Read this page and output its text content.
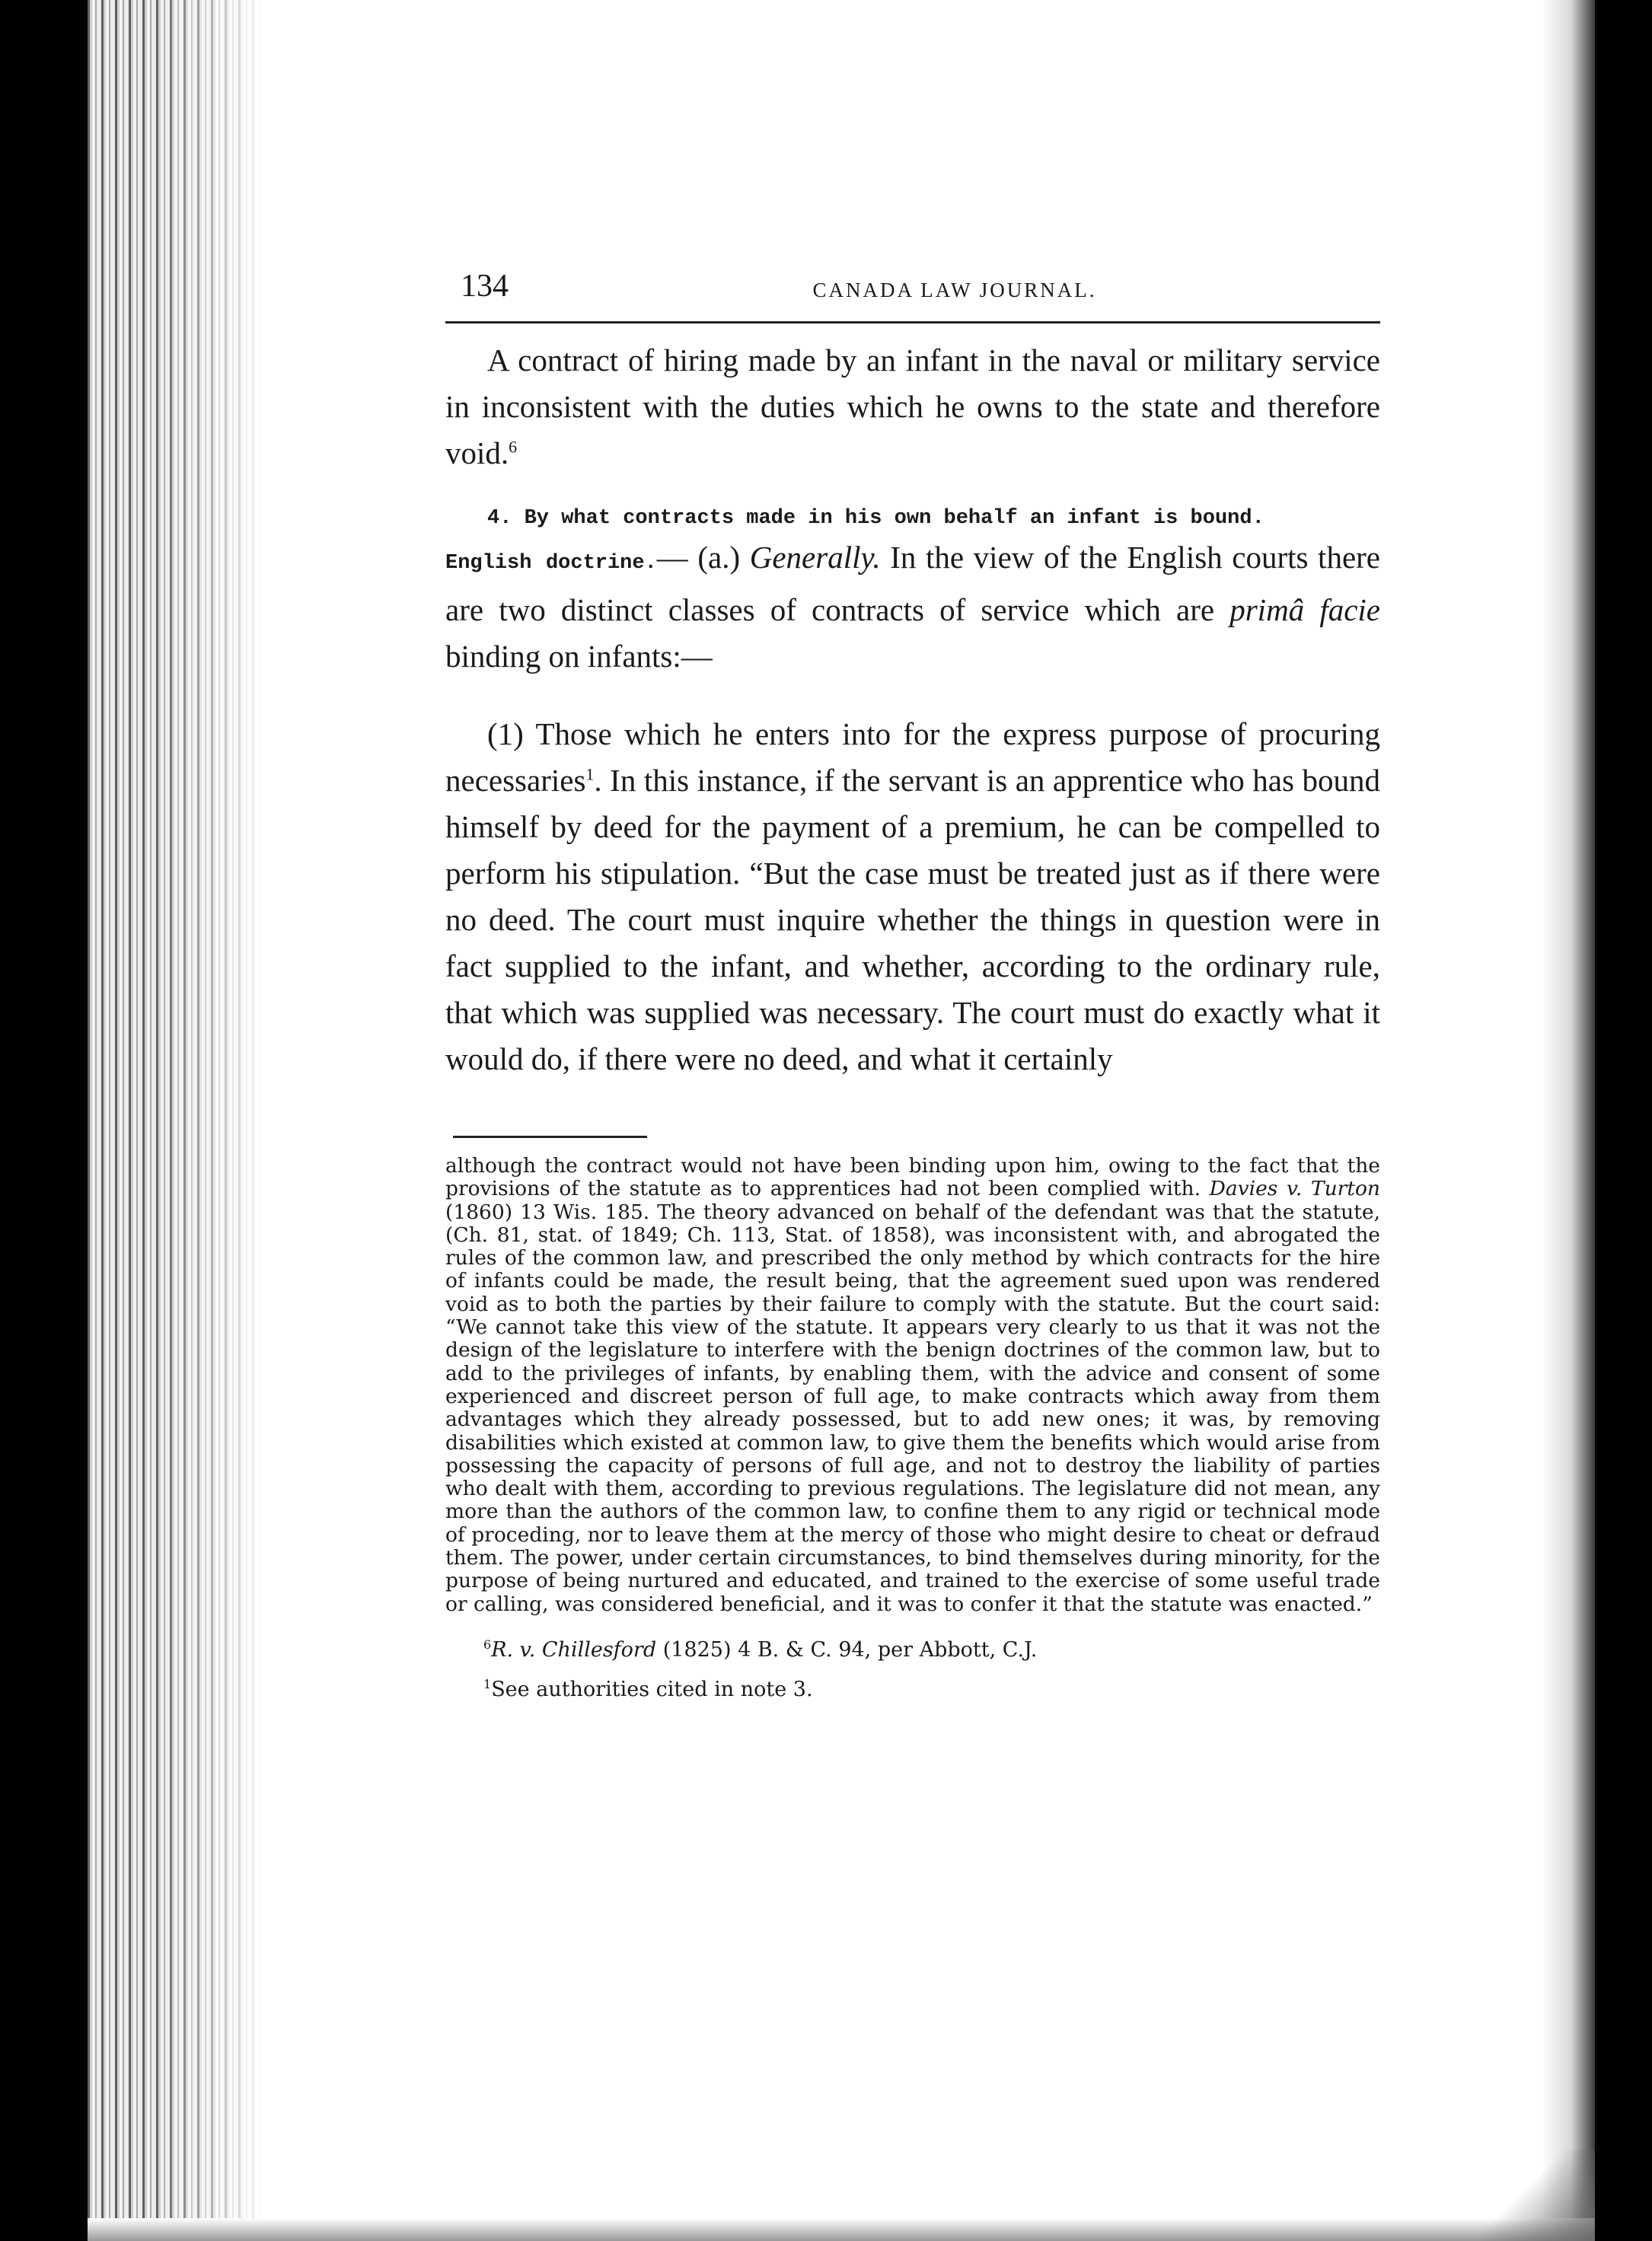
134	CANADA LAW JOURNAL.

A contract of hiring made by an infant in the naval or military service in inconsistent with the duties which he owns to the state and therefore void.$^6$

4. By what contracts made in his own behalf an infant is bound.

English doctrine.— (a.) Generally. In the view of the English courts there are two distinct classes of contracts of service which are primâ facie binding on infants:—

(1) Those which he enters into for the express purpose of procuring necessaries$^1$. In this instance, if the servant is an apprentice who has bound himself by deed for the payment of a premium, he can be compelled to perform his stipulation. “But the case must be treated just as if there were no deed. The court must inquire whether the things in question were in fact supplied to the infant, and whether, according to the ordinary rule, that which was supplied was necessary. The court must do exactly what it would do, if there were no deed, and what it certainly

although the contract would not have been binding upon him, owing to the fact that the provisions of the statute as to apprentices had not been complied with. Davies v. Turton (1860) 13 Wis. 185. The theory advanced on behalf of the defendant was that the statute, (Ch. 81, stat. of 1849; Ch. 113, Stat. of 1858), was inconsistent with, and abrogated the rules of the common law, and prescribed the only method by which contracts for the hire of infants could be made, the result being, that the agreement sued upon was rendered void as to both the parties by their failure to comply with the statute. But the court said: “We cannot take this view of the statute. It appears very clearly to us that it was not the design of the legislature to interfere with the benign doctrines of the common law, but to add to the privileges of infants, by enabling them, with the advice and consent of some experienced and discreet person of full age, to make contracts which away from them advantages which they already possessed, but to add new ones; it was, by removing disabilities which existed at common law, to give them the benefits which would arise from possessing the capacity of persons of full age, and not to destroy the liability of parties who dealt with them, according to previous regulations. The legislature did not mean, any more than the authors of the common law, to confine them to any rigid or technical mode of proceding, nor to leave them at the mercy of those who might desire to cheat or defraud them. The power, under certain circumstances, to bind themselves during minority, for the purpose of being nurtured and educated, and trained to the exercise of some useful trade or calling, was considered beneficial, and it was to confer it that the statute was enacted.”

$^6$R. v. Chillesford (1825) 4 B. & C. 94, per Abbott, C.J.

$^1$See authorities cited in note 3.
